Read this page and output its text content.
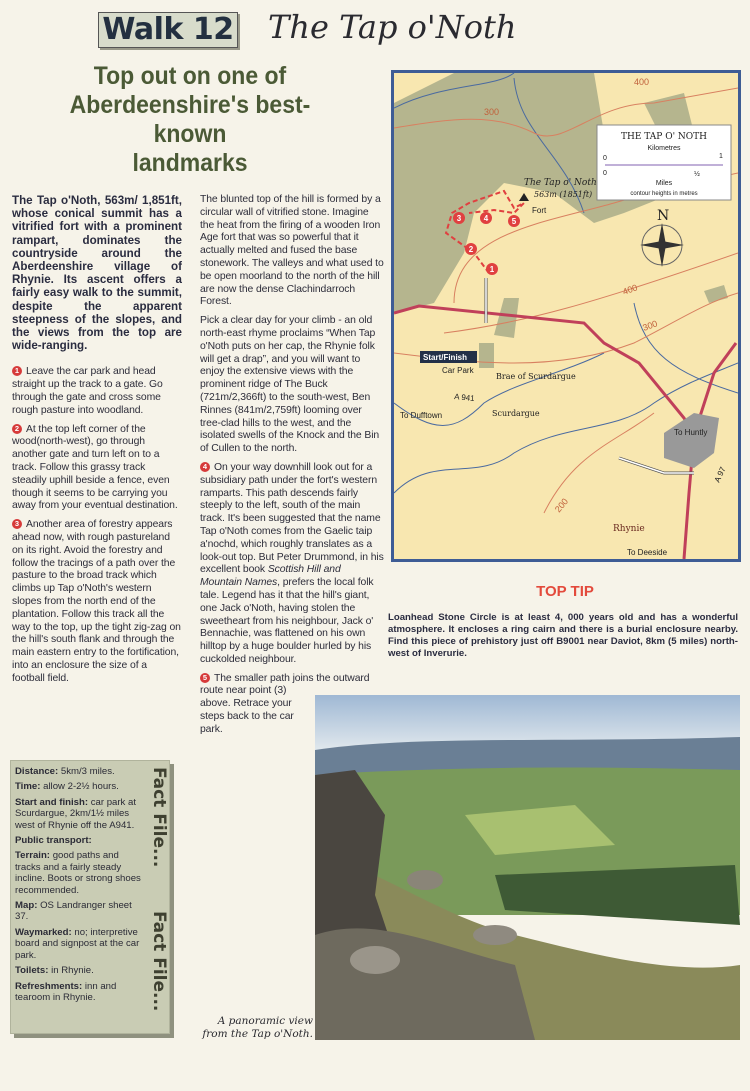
Walk 12 The Tap o'Noth
Top out on one of
Aberdeenshire's best-known
landmarks

The Tap o'Noth, 563m/ 1,851ft, whose conical summit has a vitrified fort with a prominent rampart, dominates the countryside around the Aberdeenshire village of Rhynie. Its ascent offers a fairly easy walk to the summit, despite the apparent steepness of the slopes, and the views from the top are wide-ranging.

1 Leave the car park and head straight up the track to a gate. Go through the gate and cross some rough pasture into woodland.

2 At the top left corner of the wood(north-west), go through another gate and turn left on to a track. Follow this grassy track steadily uphill beside a fence, even though it seems to be carrying you away from your eventual destination.

3 Another area of forestry appears ahead now, with rough pastureland on its right. Avoid the forestry and follow the tracings of a path over the pasture to the broad track which climbs up Tap o'Noth's western slopes from the north end of the plantation. Follow this track all the way to the top, up the tight zig-zag on the hill's south flank and through the main eastern entry to the fortification, into an enclosure the size of a football field.

The blunted top of the hill is formed by a circular wall of vitrified stone. Imagine the heat from the firing of a wooden Iron Age fort that was so powerful that it actually melted and fused the base stonework. The valleys and what used to be open moorland to the north of the hill are now the dense Clachindarroch Forest.

Pick a clear day for your climb - an old north-east rhyme proclaims “When Tap o'Noth puts on her cap, the Rhynie folk will get a drap”, and you will want to enjoy the extensive views with the prominent ridge of The Buck (721m/2,366ft) to the south-west, Ben Rinnes (841m/2,759ft) looming over tree-clad hills to the west, and the isolated swells of the Knock and the Bin of Cullen to the north.

4 On your way downhill look out for a subsidiary path under the fort's western ramparts. This path descends fairly steeply to the left, south of the main track. It's been suggested that the name Tap o'Noth comes from the Gaelic taip a'nochd, which roughly translates as a look-out top. But Peter Drummond, in his excellent book Scottish Hill and Mountain Names, prefers the local folk tale. Legend has it that the hill's giant, one Jack o'Noth, having stolen the sweetheart from his neighbour, Jack o' Bennachie, was flattened on his own hilltop by a huge boulder hurled by his cuckolded neighbour.

5 The smaller path joins the outward route near point (3) above. Retrace your steps back to the car park.

Distance: 5km/3 miles.

Time: allow 2-2½ hours.

Start and finish: car park at Scurdargue, 2km/1½ miles west of Rhynie off the A941.

Public transport:

Terrain: good paths and tracks and a fairly steady incline. Boots or strong shoes recommended.

Map: OS Landranger sheet 37.

Waymarked: no; interpretive board and signpost at the car park.

Toilets: in Rhynie.

Refreshments: inn and tearoom in Rhynie.

Fact File...
Fact File...
400
300
400
300
200
N
1
2
3	4	5
The Tap o' Noth
563m (1851ft)
Fort
Start/Finish
Car Park
Brae of Scurdargue
A 941
Scurdargue
To Dufftown
To Huntly
A 97
Rhynie
To Deeside
THE TAP O' NOTH
Kilometres
0	1
0	½
Miles
contour heights in metres
TOP TIP
Loanhead Stone Circle is at least 4, 000 years old and has a wonderful atmosphere. It encloses a ring cairn and there is a burial enclosure nearby. Find this piece of prehistory just off B9001 near Daviot, 8km (5 miles) north-west of Inverurie.
A panoramic view
from the Tap o'Noth.
